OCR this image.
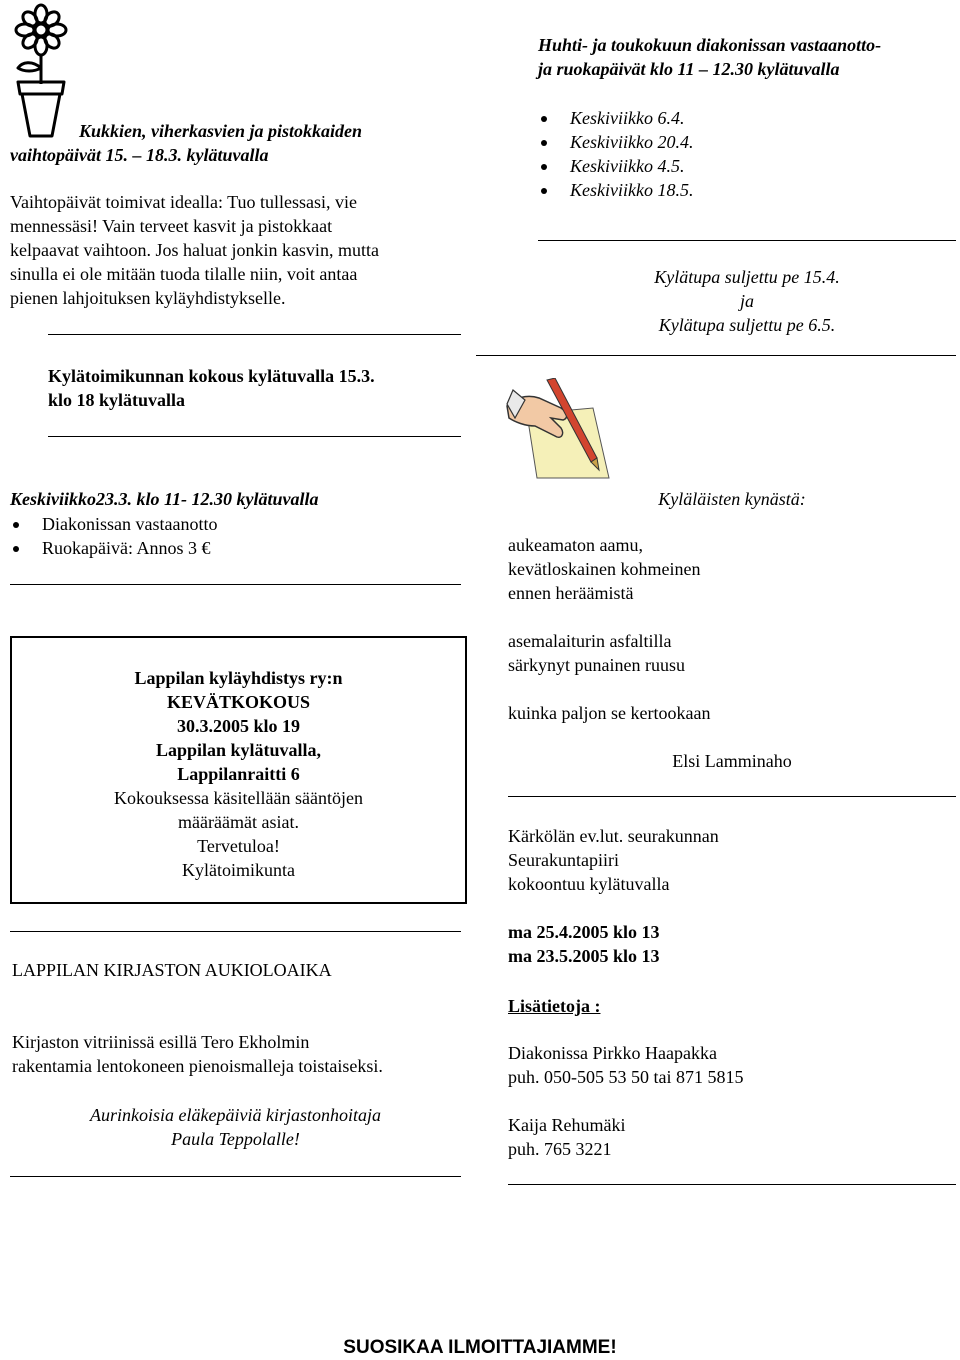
Kukkien, viherkasvien ja pistokkaiden
vaihtopäivät 15. – 18.3. kylätuvalla
Vaihtopäivät toimivat idealla: Tuo tullessasi, vie
mennessäsi! Vain terveet kasvit ja pistokkaat
kelpaavat vaihtoon. Jos haluat jonkin kasvin, mutta
sinulla ei ole mitään tuoda tilalle niin, voit antaa
pienen lahjoituksen kyläyhdistykselle.
Kylätoimikunnan kokous kylätuvalla 15.3.
klo 18 kylätuvalla
Keskiviikko23.3. klo 11- 12.30 kylätuvalla
Diakonissan vastaanotto
Ruokapäivä: Annos 3 €
Lappilan kyläyhdistys ry:n
KEVÄTKOKOUS
30.3.2005 klo 19
Lappilan kylätuvalla,
Lappilanraitti 6
Kokouksessa käsitellään sääntöjen
määräämät asiat.
Tervetuloa!
Kylätoimikunta
LAPPILAN KIRJASTON AUKIOLOAIKA
Kirjaston vitriinissä esillä Tero Ekholmin
rakentamia lentokoneen pienoismalleja toistaiseksi.
Aurinkoisia eläkepäiviä kirjastonhoitaja
Paula Teppolalle!
Huhti- ja toukokuun diakonissan vastaanotto-
ja ruokapäivät klo 11 – 12.30 kylätuvalla
Keskiviikko 6.4.
Keskiviikko 20.4.
Keskiviikko 4.5.
Keskiviikko 18.5.
Kylätupa suljettu pe 15.4.
ja
Kylätupa suljettu pe 6.5.
Kyläläisten kynästä:
aukeamaton aamu,
kevätloskainen kohmeinen
ennen heräämistä
asemalaiturin asfaltilla
särkynyt punainen ruusu
kuinka paljon se kertookaan
Elsi Lamminaho
Kärkölän ev.lut. seurakunnan
Seurakuntapiiri
kokoontuu kylätuvalla
ma 25.4.2005 klo 13
ma 23.5.2005 klo 13
Lisätietoja :
Diakonissa Pirkko Haapakka
puh. 050-505 53 50 tai 871 5815
Kaija Rehumäki
puh. 765 3221
SUOSIKAA ILMOITTAJIAMME!
